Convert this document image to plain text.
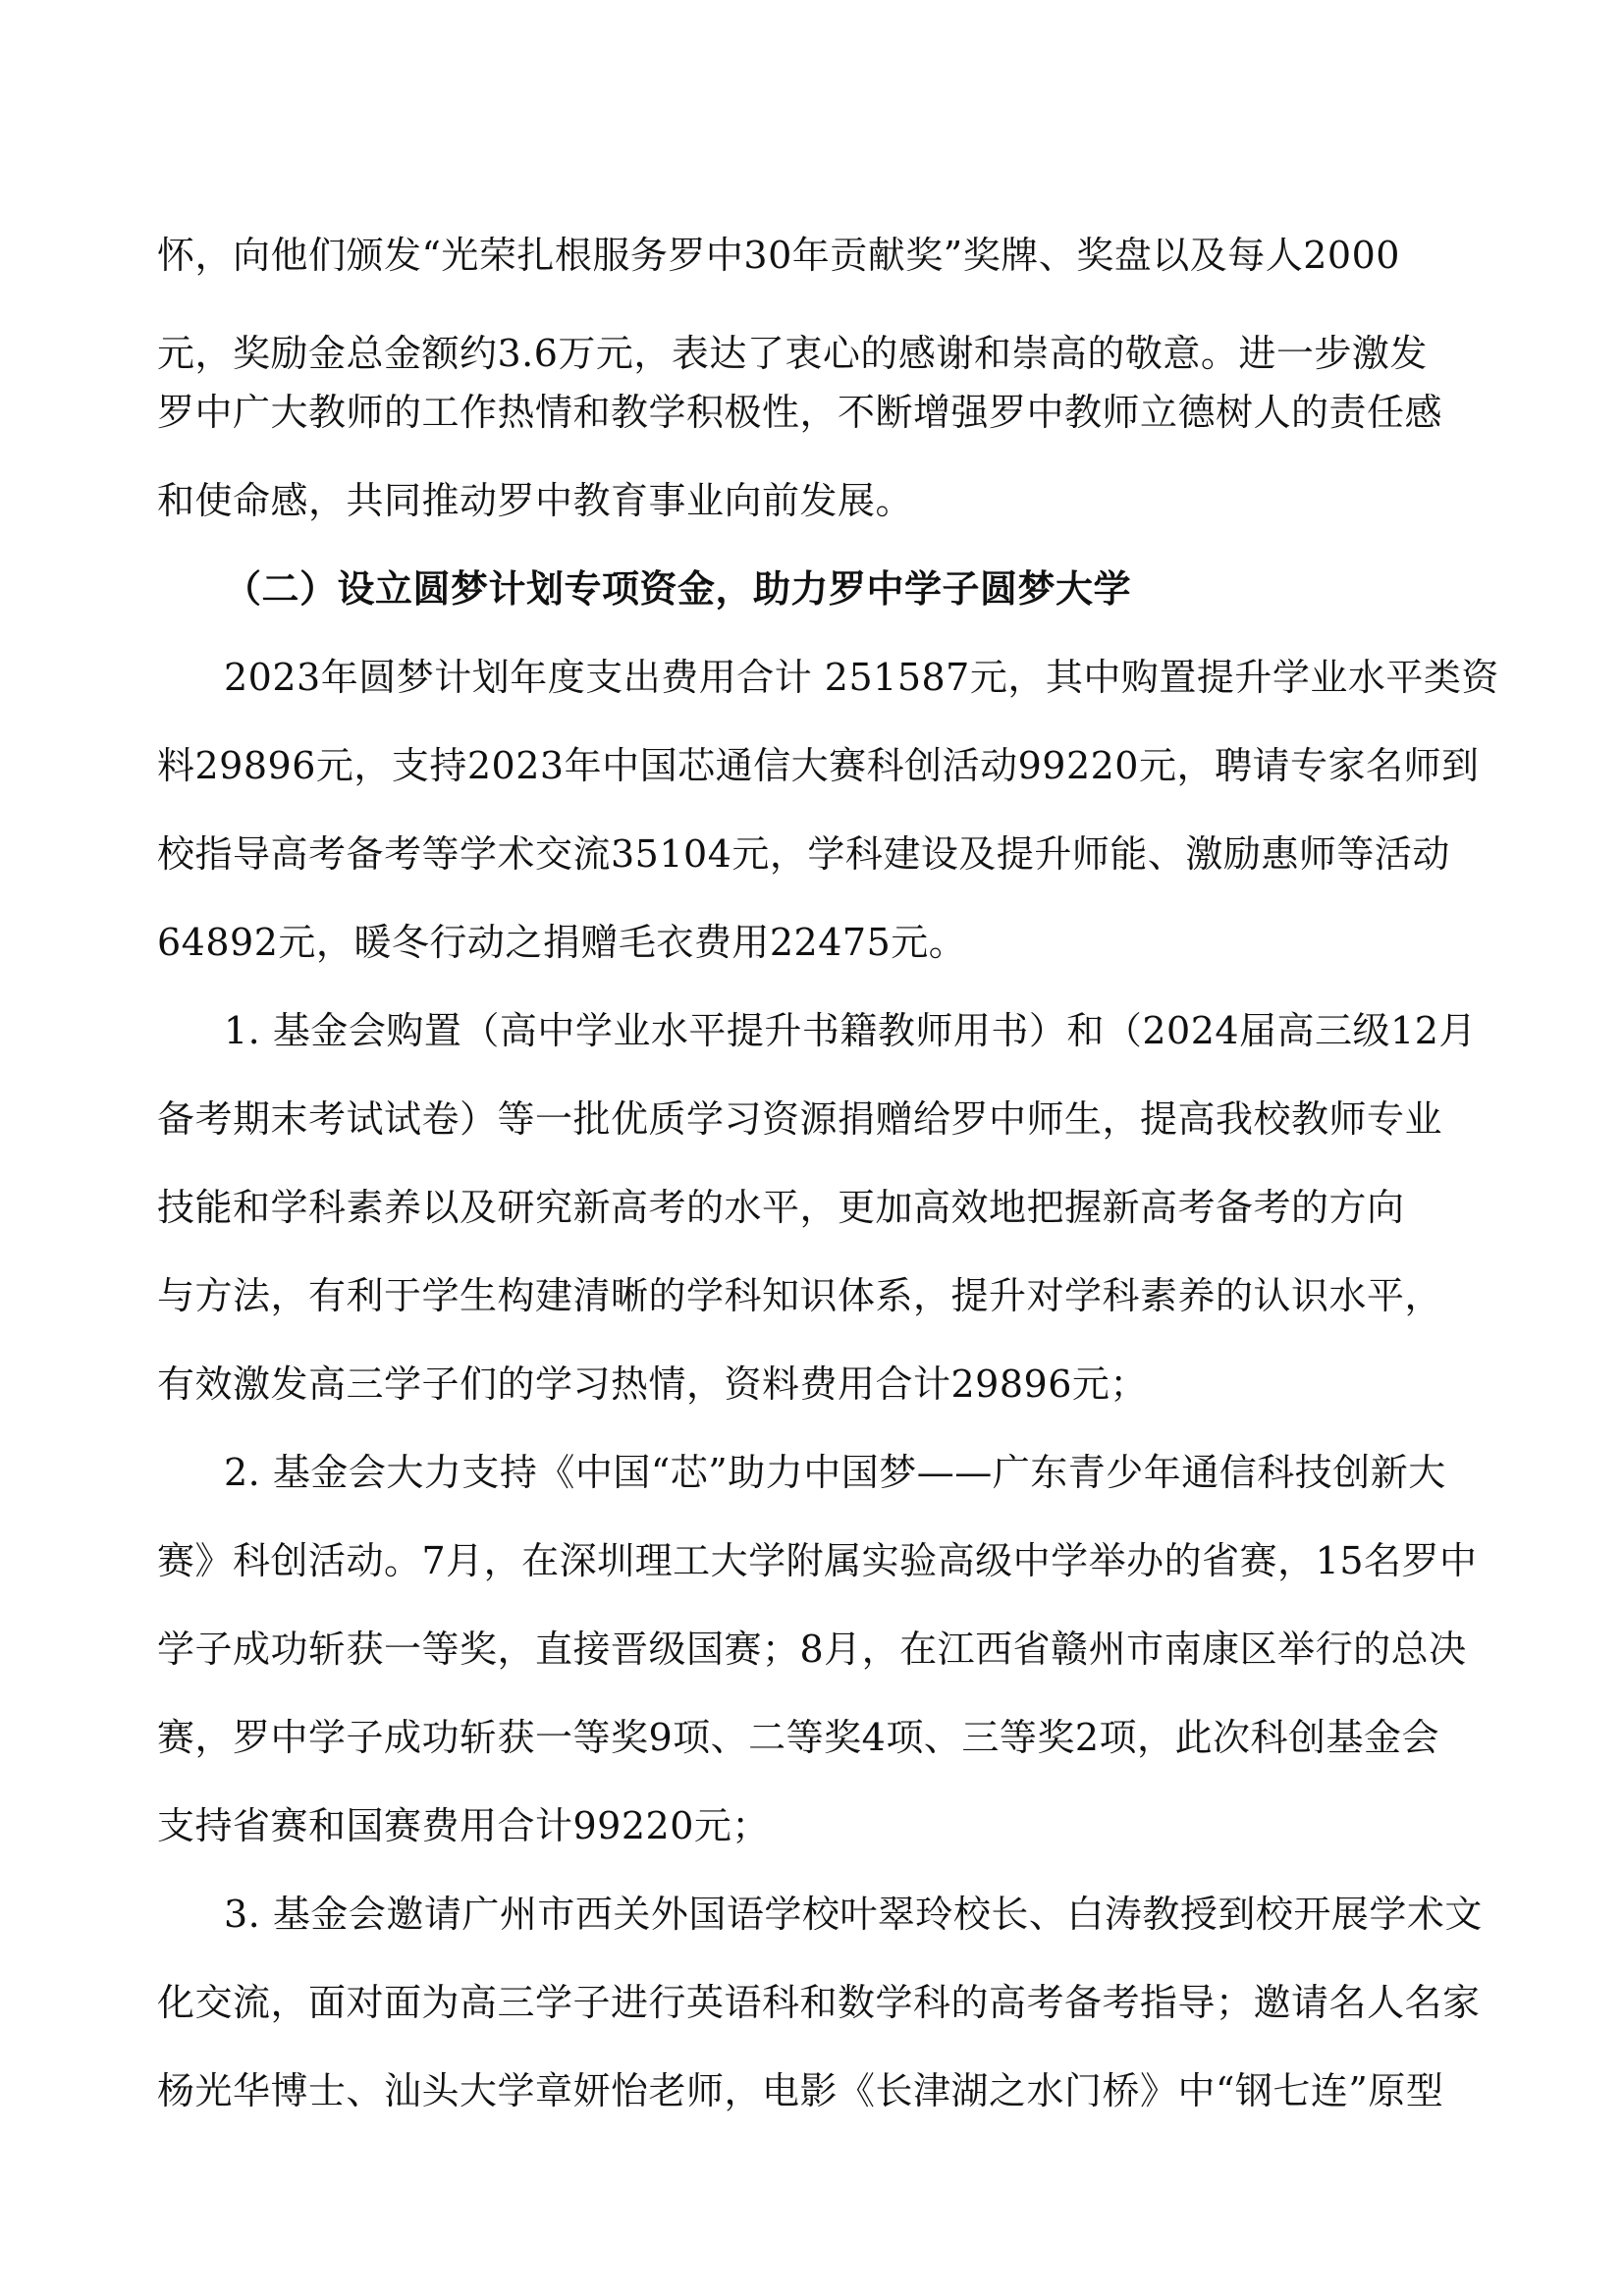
怀，向他们颁发“光荣扎根服务罗中30年贡献奖”奖牌、奖盘以及每人2000
元，奖励金总金额约3.6万元，表达了衷心的感谢和崇高的敬意。进一步激发
罗中广大教师的工作热情和教学积极性，不断增强罗中教师立德树人的责任感
和使命感，共同推动罗中教育事业向前发展。
（二）设立圆梦计划专项资金，助力罗中学子圆梦大学
2023年圆梦计划年度支出费用合计 251587元，其中购置提升学业水平类资
料29896元，支持2023年中国芯通信大赛科创活动99220元，聘请专家名师到
校指导高考备考等学术交流35104元，学科建设及提升师能、激励惠师等活动
64892元，暖冬行动之捐赠毛衣费用22475元。
1. 基金会购置（高中学业水平提升书籍教师用书）和（2024届高三级12月
备考期末考试试卷）等一批优质学习资源捐赠给罗中师生，提高我校教师专业
技能和学科素养以及研究新高考的水平，更加高效地把握新高考备考的方向
与方法，有利于学生构建清晰的学科知识体系，提升对学科素养的认识水平，
有效激发高三学子们的学习热情，资料费用合计29896元；
2. 基金会大力支持《中国“芯”助力中国梦——广东青少年通信科技创新大
赛》科创活动。7月，在深圳理工大学附属实验高级中学举办的省赛，15名罗中
学子成功斩获一等奖，直接晋级国赛；8月，在江西省赣州市南康区举行的总决
赛，罗中学子成功斩获一等奖9项、二等奖4项、三等奖2项，此次科创基金会
支持省赛和国赛费用合计99220元；
3. 基金会邀请广州市西关外国语学校叶翠玲校长、白涛教授到校开展学术文
化交流，面对面为高三学子进行英语科和数学科的高考备考指导；邀请名人名家
杨光华博士、汕头大学章妍怡老师，电影《长津湖之水门桥》中“钢七连”原型
